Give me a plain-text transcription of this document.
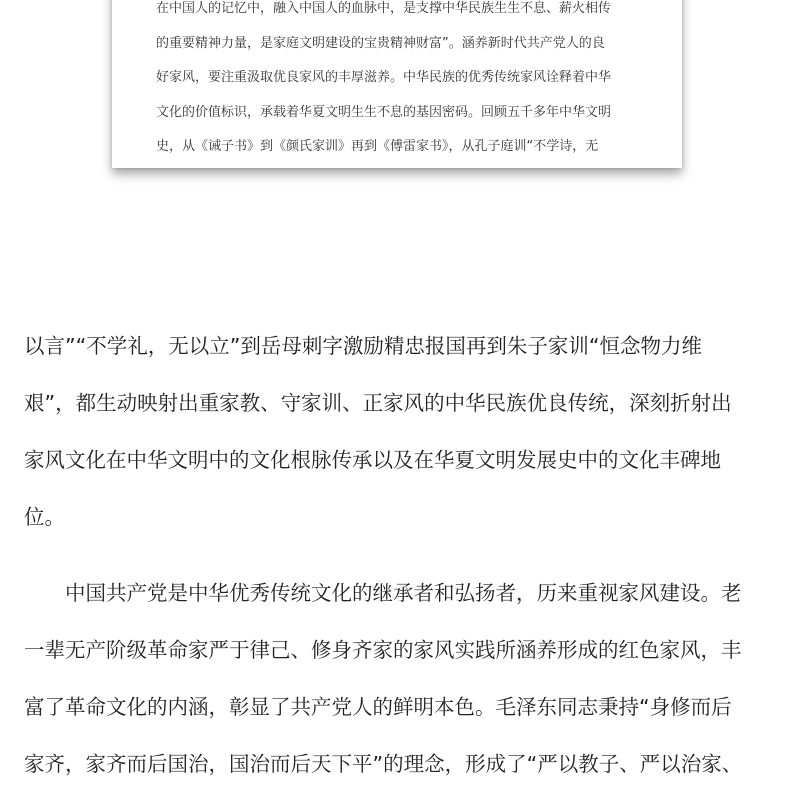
在中国人的记忆中，融入中国人的血脉中，是支撑中华民族生生不息、薪火相传
的重要精神力量，是家庭文明建设的宝贵精神财富”。涵养新时代共产党人的良
好家风，要注重汲取优良家风的丰厚滋养。中华民族的优秀传统家风诠释着中华
文化的价值标识，承载着华夏文明生生不息的基因密码。回顾五千多年中华文明
史，从《诫子书》到《颜氏家训》再到《傅雷家书》，从孔子庭训“不学诗，无

以言”“不学礼，无以立”到岳母刺字激励精忠报国再到朱子家训“恒念物力维
艰”，都生动映射出重家教、守家训、正家风的中华民族优良传统，深刻折射出
家风文化在中华文明中的文化根脉传承以及在华夏文明发展史中的文化丰碑地
位。

中国共产党是中华优秀传统文化的继承者和弘扬者，历来重视家风建设。老
一辈无产阶级革命家严于律己、修身齐家的家风实践所涵养形成的红色家风，丰
富了革命文化的内涵，彰显了共产党人的鲜明本色。毛泽东同志秉持“身修而后
家齐，家齐而后国治，国治而后天下平”的理念，形成了“严以教子、严以治家、
